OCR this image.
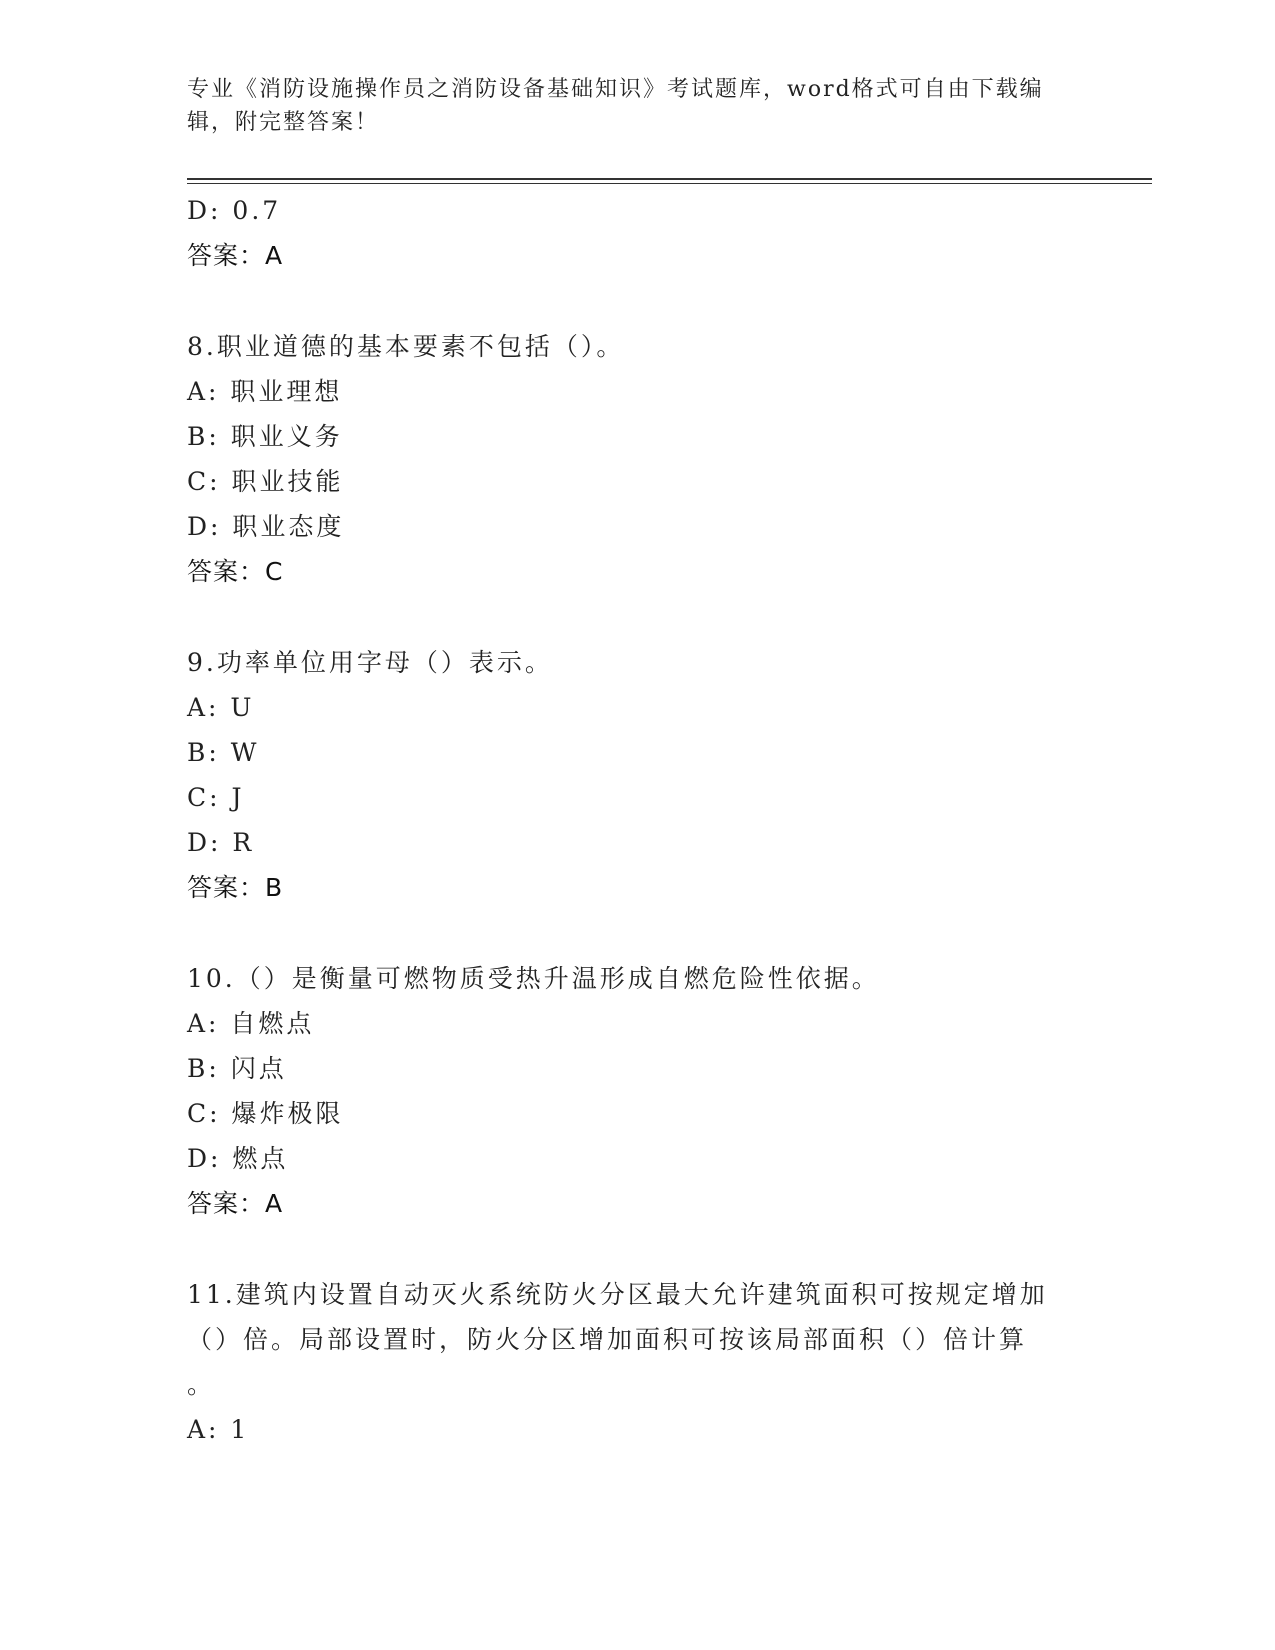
专业《消防设施操作员之消防设备基础知识》考试题库，word格式可自由下载编
辑，附完整答案！
D: 0.7
答案：A
8.职业道德的基本要素不包括（）。
A: 职业理想
B: 职业义务
C: 职业技能
D: 职业态度
答案：C
9.功率单位用字母（）表示。
A: U
B: W
C: J
D: R
答案：B
10.（）是衡量可燃物质受热升温形成自燃危险性依据。
A: 自燃点
B: 闪点
C: 爆炸极限
D: 燃点
答案：A
11.建筑内设置自动灭火系统防火分区最大允许建筑面积可按规定增加
（）倍。局部设置时，防火分区增加面积可按该局部面积（）倍计算
。
A: 1
